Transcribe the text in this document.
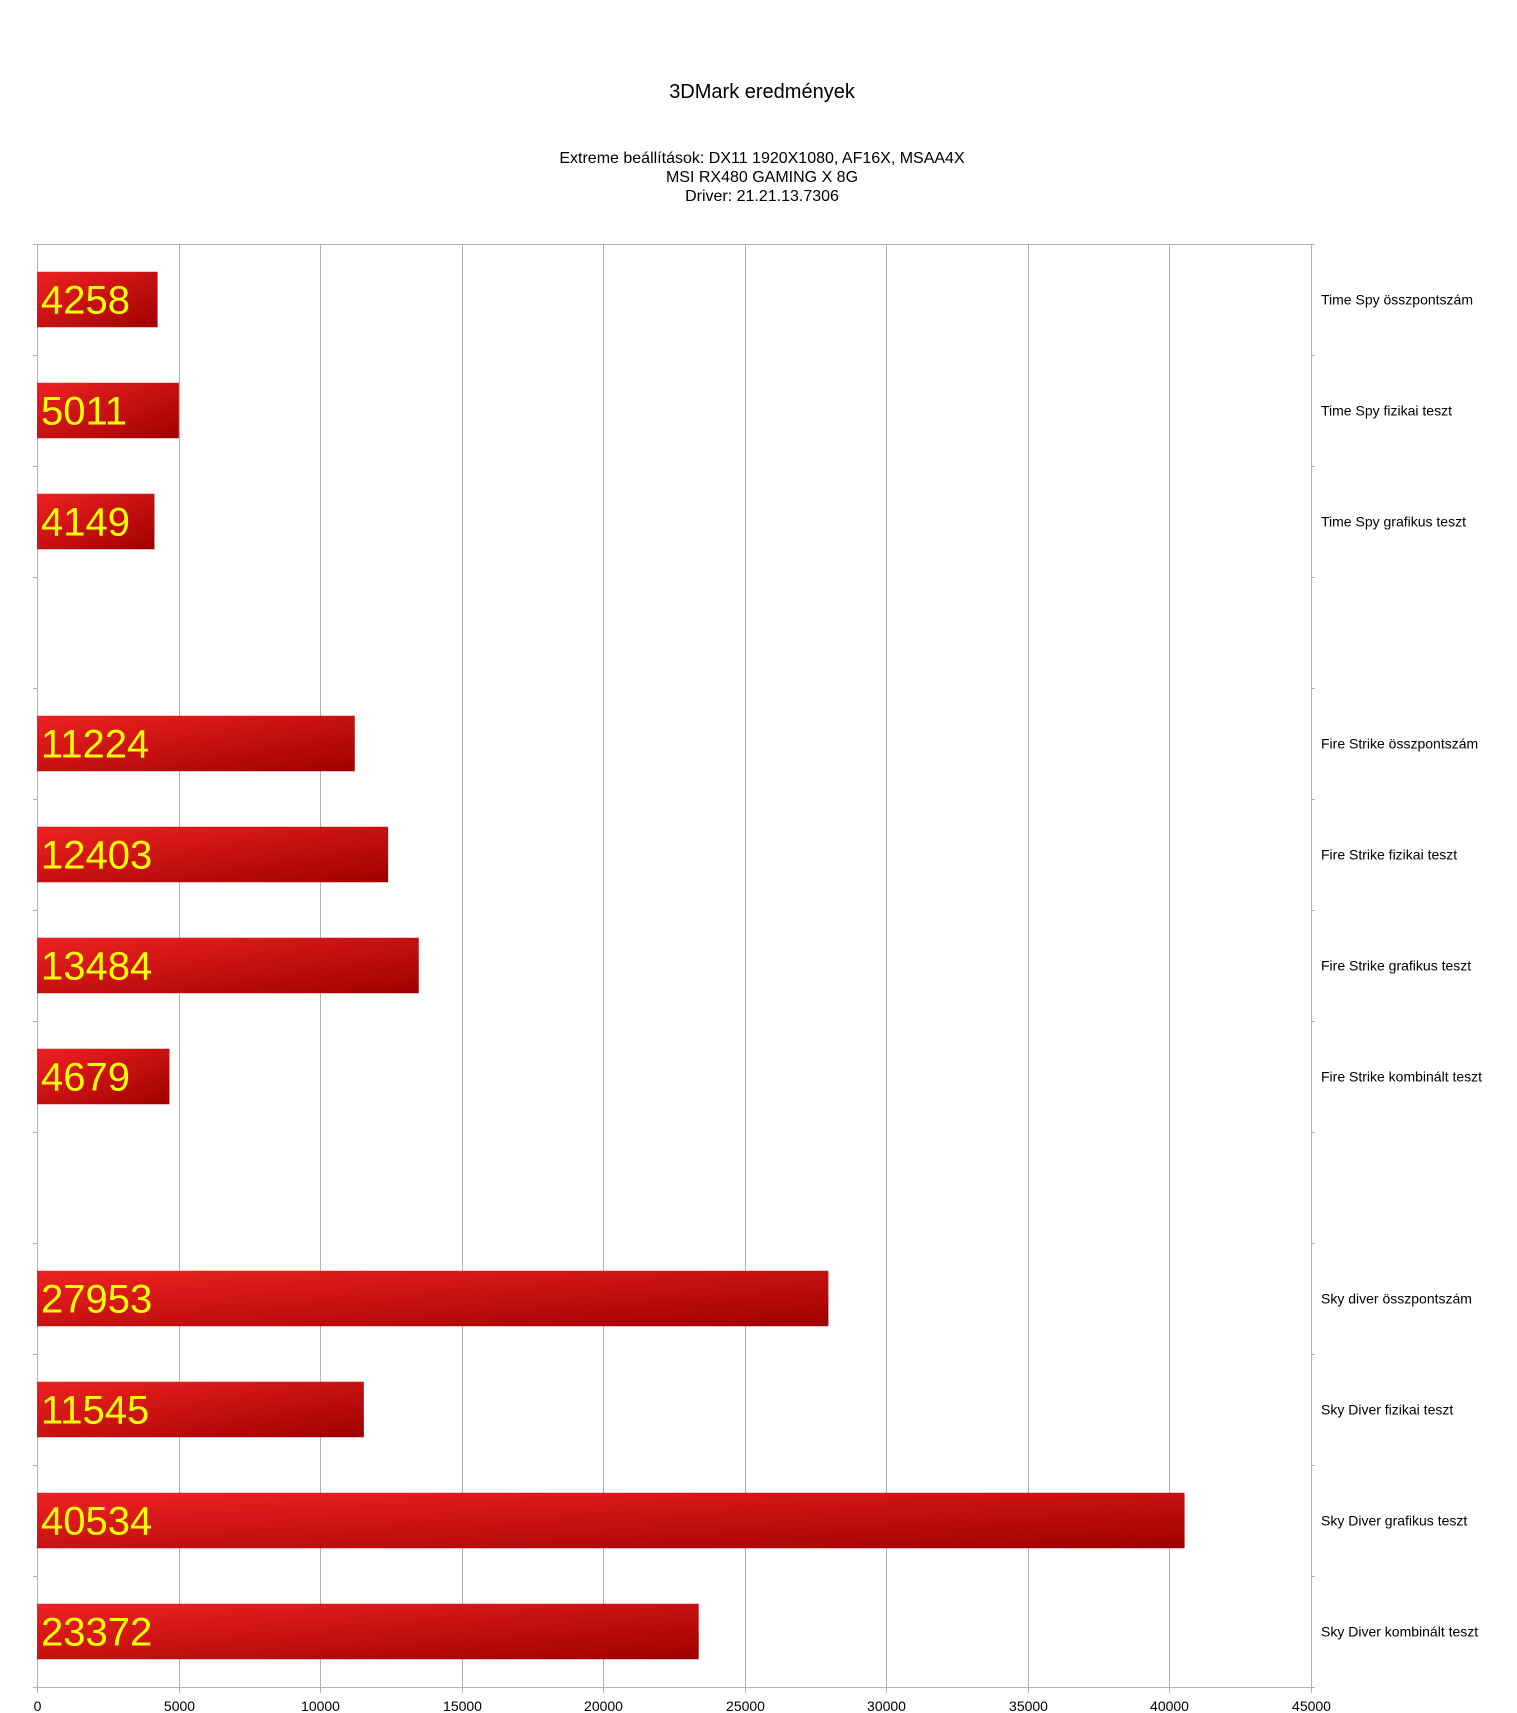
3DMark eredmények
Extreme beállítások: DX11 1920X1080, AF16X, MSAA4X
MSI RX480 GAMING X 8G
Driver: 21.21.13.7306
0	5000	10000	15000	20000	25000	30000	35000	40000	45000
Time Spy összpontszám
4258
Time Spy fizikai teszt
5011
Time Spy grafikus teszt
4149
Fire Strike összpontszám
11224
Fire Strike fizikai teszt
12403
Fire Strike grafikus teszt
13484
Fire Strike kombinált teszt
4679
Sky diver összpontszám
27953
Sky Diver fizikai teszt
11545
Sky Diver grafikus teszt
40534
Sky Diver kombinált teszt
23372
